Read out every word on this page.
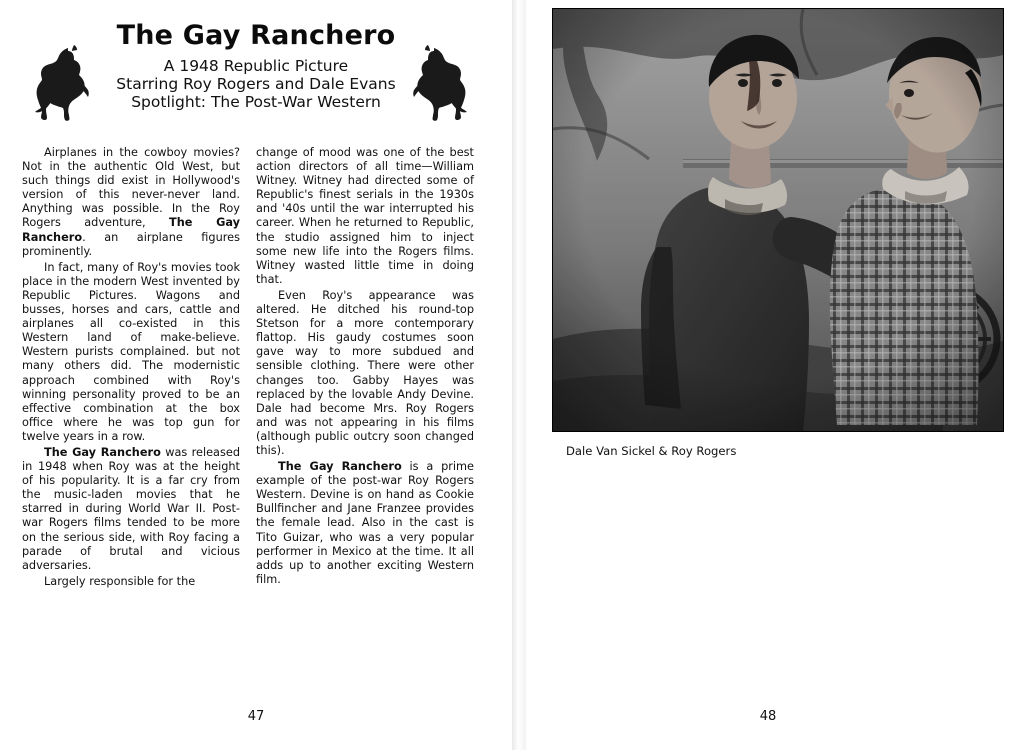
The Gay Ranchero
A 1948 Republic Picture
Starring Roy Rogers and Dale Evans
Spotlight: The Post-War Western

Airplanes in the cowboy movies? Not in the authentic Old West, but such things did exist in Hollywood's version of this never-never land. Anything was possible. In the Roy Rogers adventure, The Gay Ranchero. an airplane figures prominently.

In fact, many of Roy's movies took place in the modern West invented by Republic Pictures. Wagons and busses, horses and cars, cattle and airplanes all co-existed in this Western land of make-believe. Western purists complained. but not many others did. The modernistic approach combined with Roy's winning personality proved to be an effective combination at the box office where he was top gun for twelve years in a row.

The Gay Ranchero was released in 1948 when Roy was at the height of his popularity. It is a far cry from the music-laden movies that he starred in during World War II. Post-war Rogers films tended to be more on the serious side, with Roy facing a parade of brutal and vicious adversaries.

Largely responsible for the

change of mood was one of the best action directors of all time—William Witney. Witney had directed some of Republic's finest serials in the 1930s and '40s until the war interrupted his career. When he returned to Republic, the studio assigned him to inject some new life into the Rogers films. Witney wasted little time in doing that.

Even Roy's appearance was altered. He ditched his round-top Stetson for a more contemporary flattop. His gaudy costumes soon gave way to more subdued and sensible clothing. There were other changes too. Gabby Hayes was replaced by the lovable Andy Devine. Dale had become Mrs. Roy Rogers and was not appearing in his films (although public outcry soon changed this).

The Gay Ranchero is a prime example of the post-war Roy Rogers Western. Devine is on hand as Cookie Bullfincher and Jane Franzee provides the female lead. Also in the cast is Tito Guizar, who was a very popular performer in Mexico at the time. It all adds up to another exciting Western film.

47
Dale Van Sickel & Roy Rogers
48
